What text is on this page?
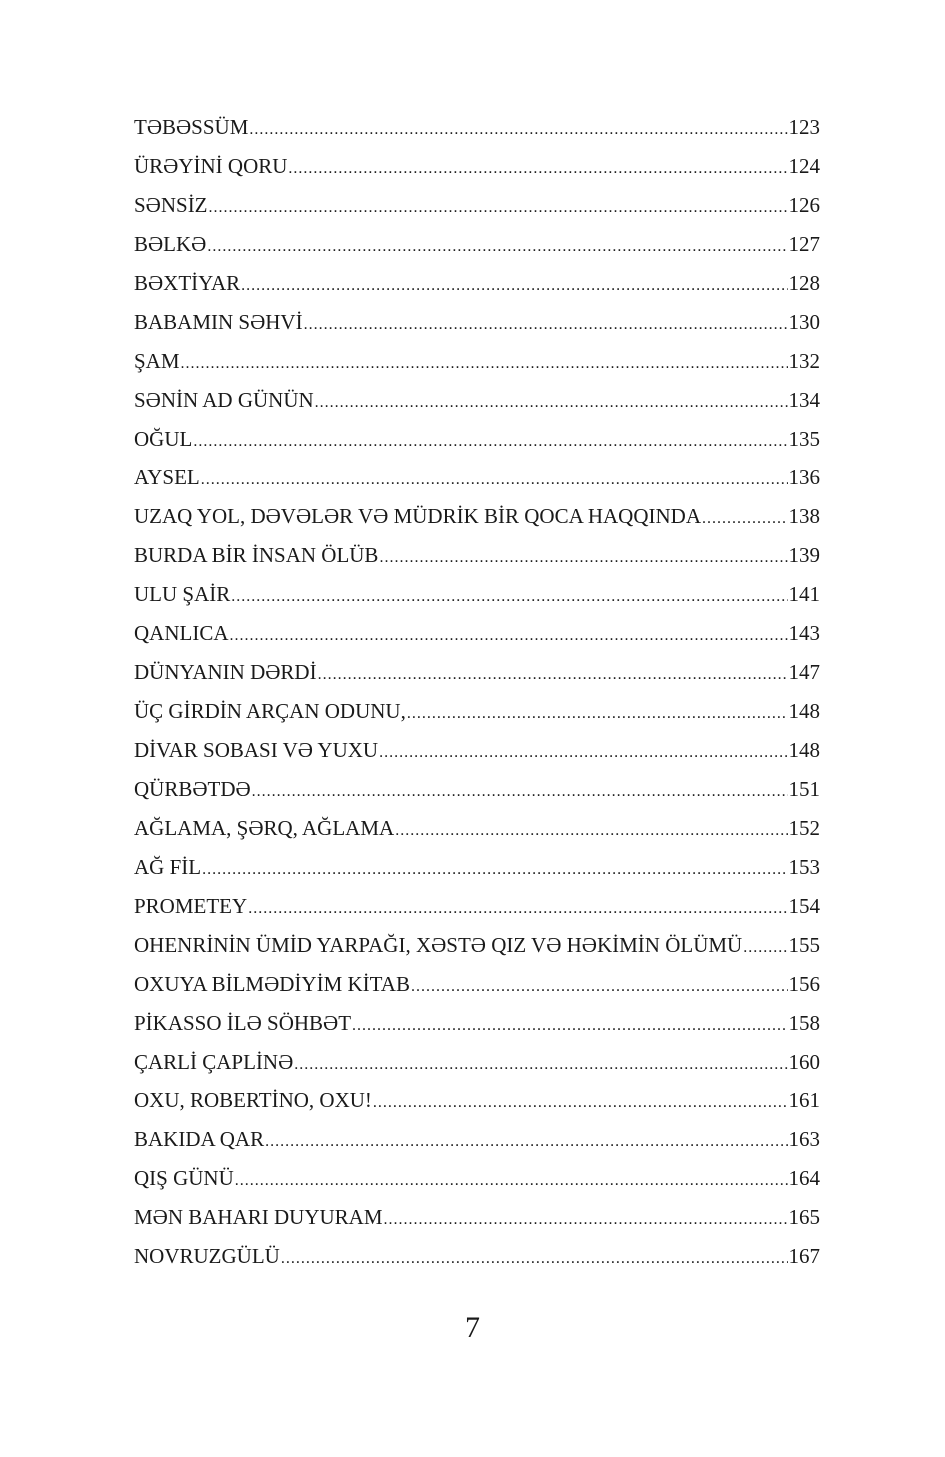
TƏBƏSSÜM .....	123
ÜRƏYİNİ QORU .....	124
SƏNSİZ .....	126
BƏLKƏ .....	127
BƏXTİYAR .....	128
BABAMIN SƏHVİ .....	130
ŞAM .....	132
SƏNİN AD GÜNÜN .....	134
OĞUL .....	135
AYSEL .....	136
UZAQ YOL, DƏVƏLƏR VƏ MÜDRİK BİR QOCA HAQQINDA .....	138
BURDA BİR İNSAN ÖLÜB .....	139
ULU ŞAİR .....	141
QANLICA .....	143
DÜNYANIN DƏRDİ .....	147
ÜÇ GİRDİN ARÇAN ODUNU, .....	148
DİVAR SOBASI VƏ YUXU .....	148
QÜRBƏTDƏ .....	151
AĞLAMA, ŞƏRQ, AĞLAMA .....	152
AĞ FİL .....	153
PROMETEY .....	154
OHENRİNİN ÜMİD YARPAĞI, XƏSTƏ QIZ VƏ HƏKİMİN ÖLÜMÜ ..... 155
OXUYA BİLMƏDİYİM KİTAB .....	156
PİKASSO İLƏ SÖHBƏT .....	158
ÇARLİ ÇAPLİNƏ .....	160
OXU, ROBERTİNO, OXU! .....	161
BAKIDA QAR .....	163
QIŞ GÜNÜ .....	164
MƏN BAHARI DUYURAM .....	165
NOVRUZGÜLÜ .....	167
7
